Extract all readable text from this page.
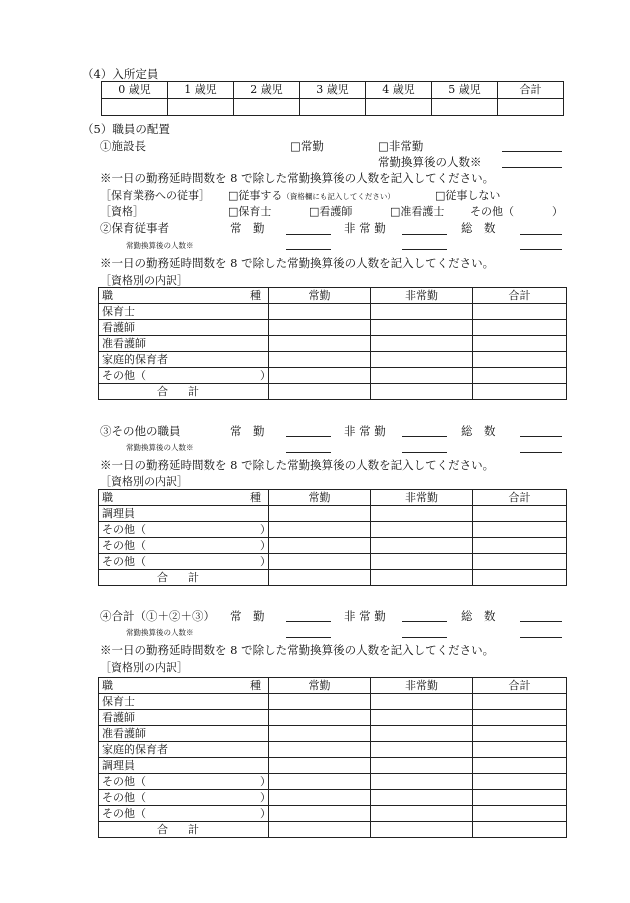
（4）入所定員
0 歳児	1 歳児	2 歳児	3 歳児	4 歳児	5 歳児	合計

（5）職員の配置
①施設長	□常勤	□非常勤
常勤換算後の人数※
※一日の勤務延時間数を 8 で除した常勤換算後の人数を記入してください。
［保育業務への従事］ □従事する（資格欄にも記入してください）	□従事しない
［資格］	□保育士	□看護師	□准看護士 その他（	）
②保育従事者	常　勤	非 常 勤	総　数
常勤換算後の人数※
※一日の勤務延時間数を 8 で除した常勤換算後の人数を記入してください。
［資格別の内訳］
職 種	常勤	非常勤	合計
保育士			
看護師			
准看護師			
家庭的保育者			

その他（ ）			

合 計			
③その他の職員	常　勤	非 常 勤	総　数
常勤換算後の人数※
※一日の勤務延時間数を 8 で除した常勤換算後の人数を記入してください。
［資格別の内訳］
職 種	常勤	非常勤	合計
調理員			

その他（ ）			

その他（ ）			

その他（ ）			

合 計			
④合計（①＋②＋③） 常　勤	非 常 勤	総　数
常勤換算後の人数※
※一日の勤務延時間数を 8 で除した常勤換算後の人数を記入してください。
［資格別の内訳］
職 種	常勤	非常勤	合計
保育士			
看護師			
准看護師			
家庭的保育者			
調理員			

その他（ ）			

その他（ ）			

その他（ ）			

合 計			
